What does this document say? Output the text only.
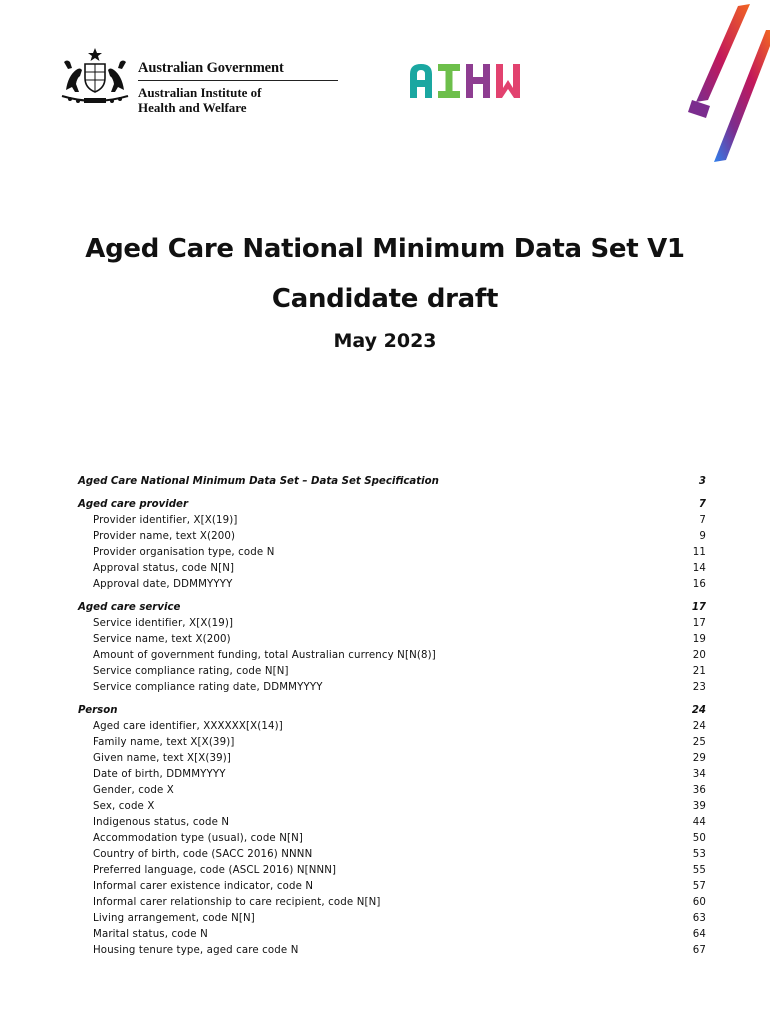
Australian Government
Australian Institute of
Health and Welfare
Aged Care National Minimum Data Set V1
Candidate draft
May 2023
Aged Care National Minimum Data Set – Data Set Specification	3
Aged care provider	7
Provider identifier, X[X(19)]	7
Provider name, text X(200)	9
Provider organisation type, code N	11
Approval status, code N[N]	14
Approval date, DDMMYYYY	16
Aged care service	17
Service identifier, X[X(19)]	17
Service name, text X(200)	19
Amount of government funding, total Australian currency N[N(8)]	20
Service compliance rating, code N[N]	21
Service compliance rating date, DDMMYYYY	23
Person	24
Aged care identifier, XXXXXX[X(14)]	24
Family name, text X[X(39)]	25
Given name, text X[X(39)]	29
Date of birth, DDMMYYYY	34
Gender, code X	36
Sex, code X	39
Indigenous status, code N	44
Accommodation type (usual), code N[N]	50
Country of birth, code (SACC 2016) NNNN	53
Preferred language, code (ASCL 2016) N[NNN]	55
Informal carer existence indicator, code N	57
Informal carer relationship to care recipient, code N[N]	60
Living arrangement, code N[N]	63
Marital status, code N	64
Housing tenure type, aged care code N	67
